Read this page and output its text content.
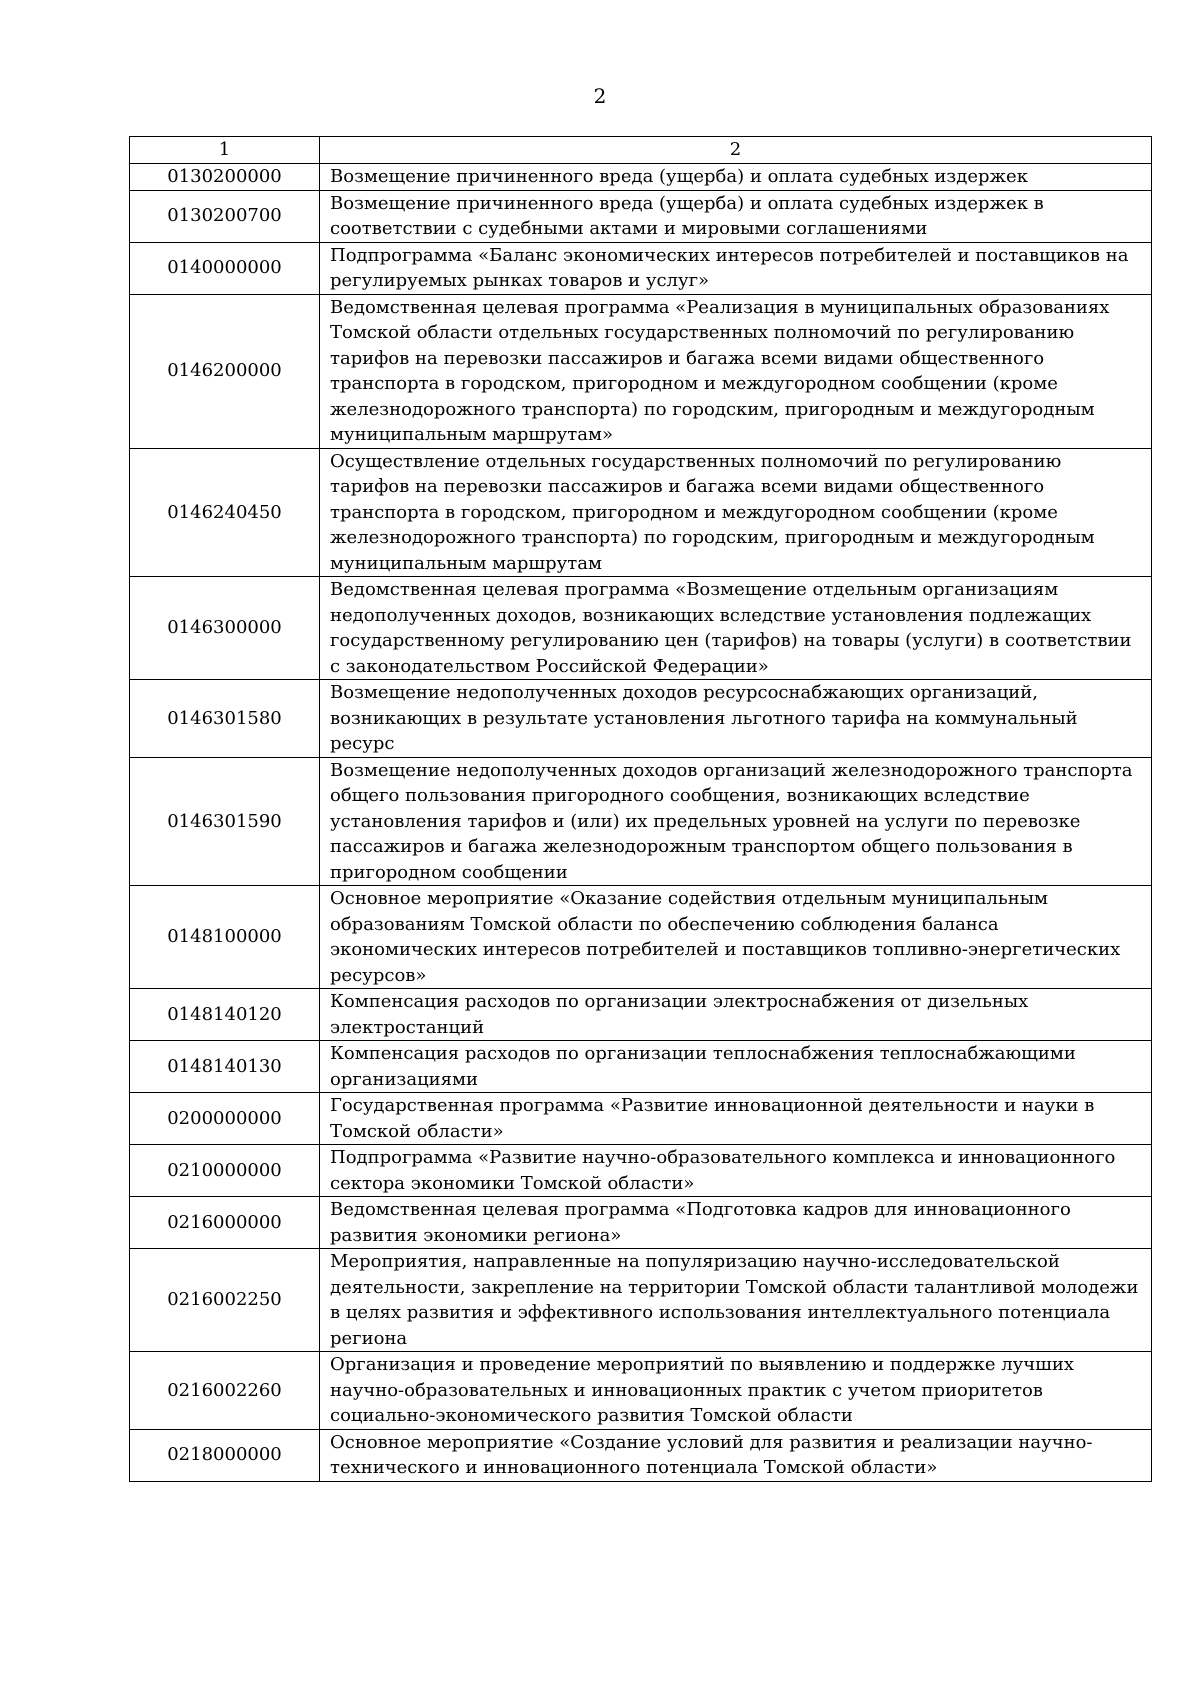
2
1	2
0130200000	Возмещение причиненного вреда (ущерба) и оплата судебных издержек
0130200700	Возмещение причиненного вреда (ущерба) и оплата судебных издержек в соответствии с судебными актами и мировыми соглашениями
0140000000	Подпрограмма «Баланс экономических интересов потребителей и поставщиков на регулируемых рынках товаров и услуг»
0146200000	Ведомственная целевая программа «Реализация в муниципальных образованиях Томской области отдельных государственных полномочий по регулированию тарифов на перевозки пассажиров и багажа всеми видами общественного транспорта в городском, пригородном и междугородном сообщении (кроме железнодорожного транспорта) по городским, пригородным и междугородным муниципальным маршрутам»
0146240450	Осуществление отдельных государственных полномочий по регулированию тарифов на перевозки пассажиров и багажа всеми видами общественного транспорта в городском, пригородном и междугородном сообщении (кроме железнодорожного транспорта) по городским, пригородным и междугородным муниципальным маршрутам
0146300000	Ведомственная целевая программа «Возмещение отдельным организациям недополученных доходов, возникающих вследствие установления подлежащих государственному регулированию цен (тарифов) на товары (услуги) в соответствии с законодательством Российской Федерации»
0146301580	Возмещение недополученных доходов ресурсоснабжающих организаций, возникающих в результате установления льготного тарифа на коммунальный ресурс
0146301590	Возмещение недополученных доходов организаций железнодорожного транспорта общего пользования пригородного сообщения, возникающих вследствие установления тарифов и (или) их предельных уровней на услуги по перевозке пассажиров и багажа железнодорожным транспортом общего пользования в пригородном сообщении
0148100000	Основное мероприятие «Оказание содействия отдельным муниципальным образованиям Томской области по обеспечению соблюдения баланса экономических интересов потребителей и поставщиков топливно-энергетических ресурсов»
0148140120	Компенсация расходов по организации электроснабжения от дизельных электростанций
0148140130	Компенсация расходов по организации теплоснабжения теплоснабжающими организациями
0200000000	Государственная программа «Развитие инновационной деятельности и науки в Томской области»
0210000000	Подпрограмма «Развитие научно-образовательного комплекса и инновационного сектора экономики Томской области»
0216000000	Ведомственная целевая программа «Подготовка кадров для инновационного развития экономики региона»
0216002250	Мероприятия, направленные на популяризацию научно-исследовательской деятельности, закрепление на территории Томской области талантливой молодежи в целях развития и эффективного использования интеллектуального потенциала региона
0216002260	Организация и проведение мероприятий по выявлению и поддержке лучших научно-образовательных и инновационных практик с учетом приоритетов социально-экономического развития Томской области
0218000000	Основное мероприятие «Создание условий для развития и реализации научно-технического и инновационного потенциала Томской области»
